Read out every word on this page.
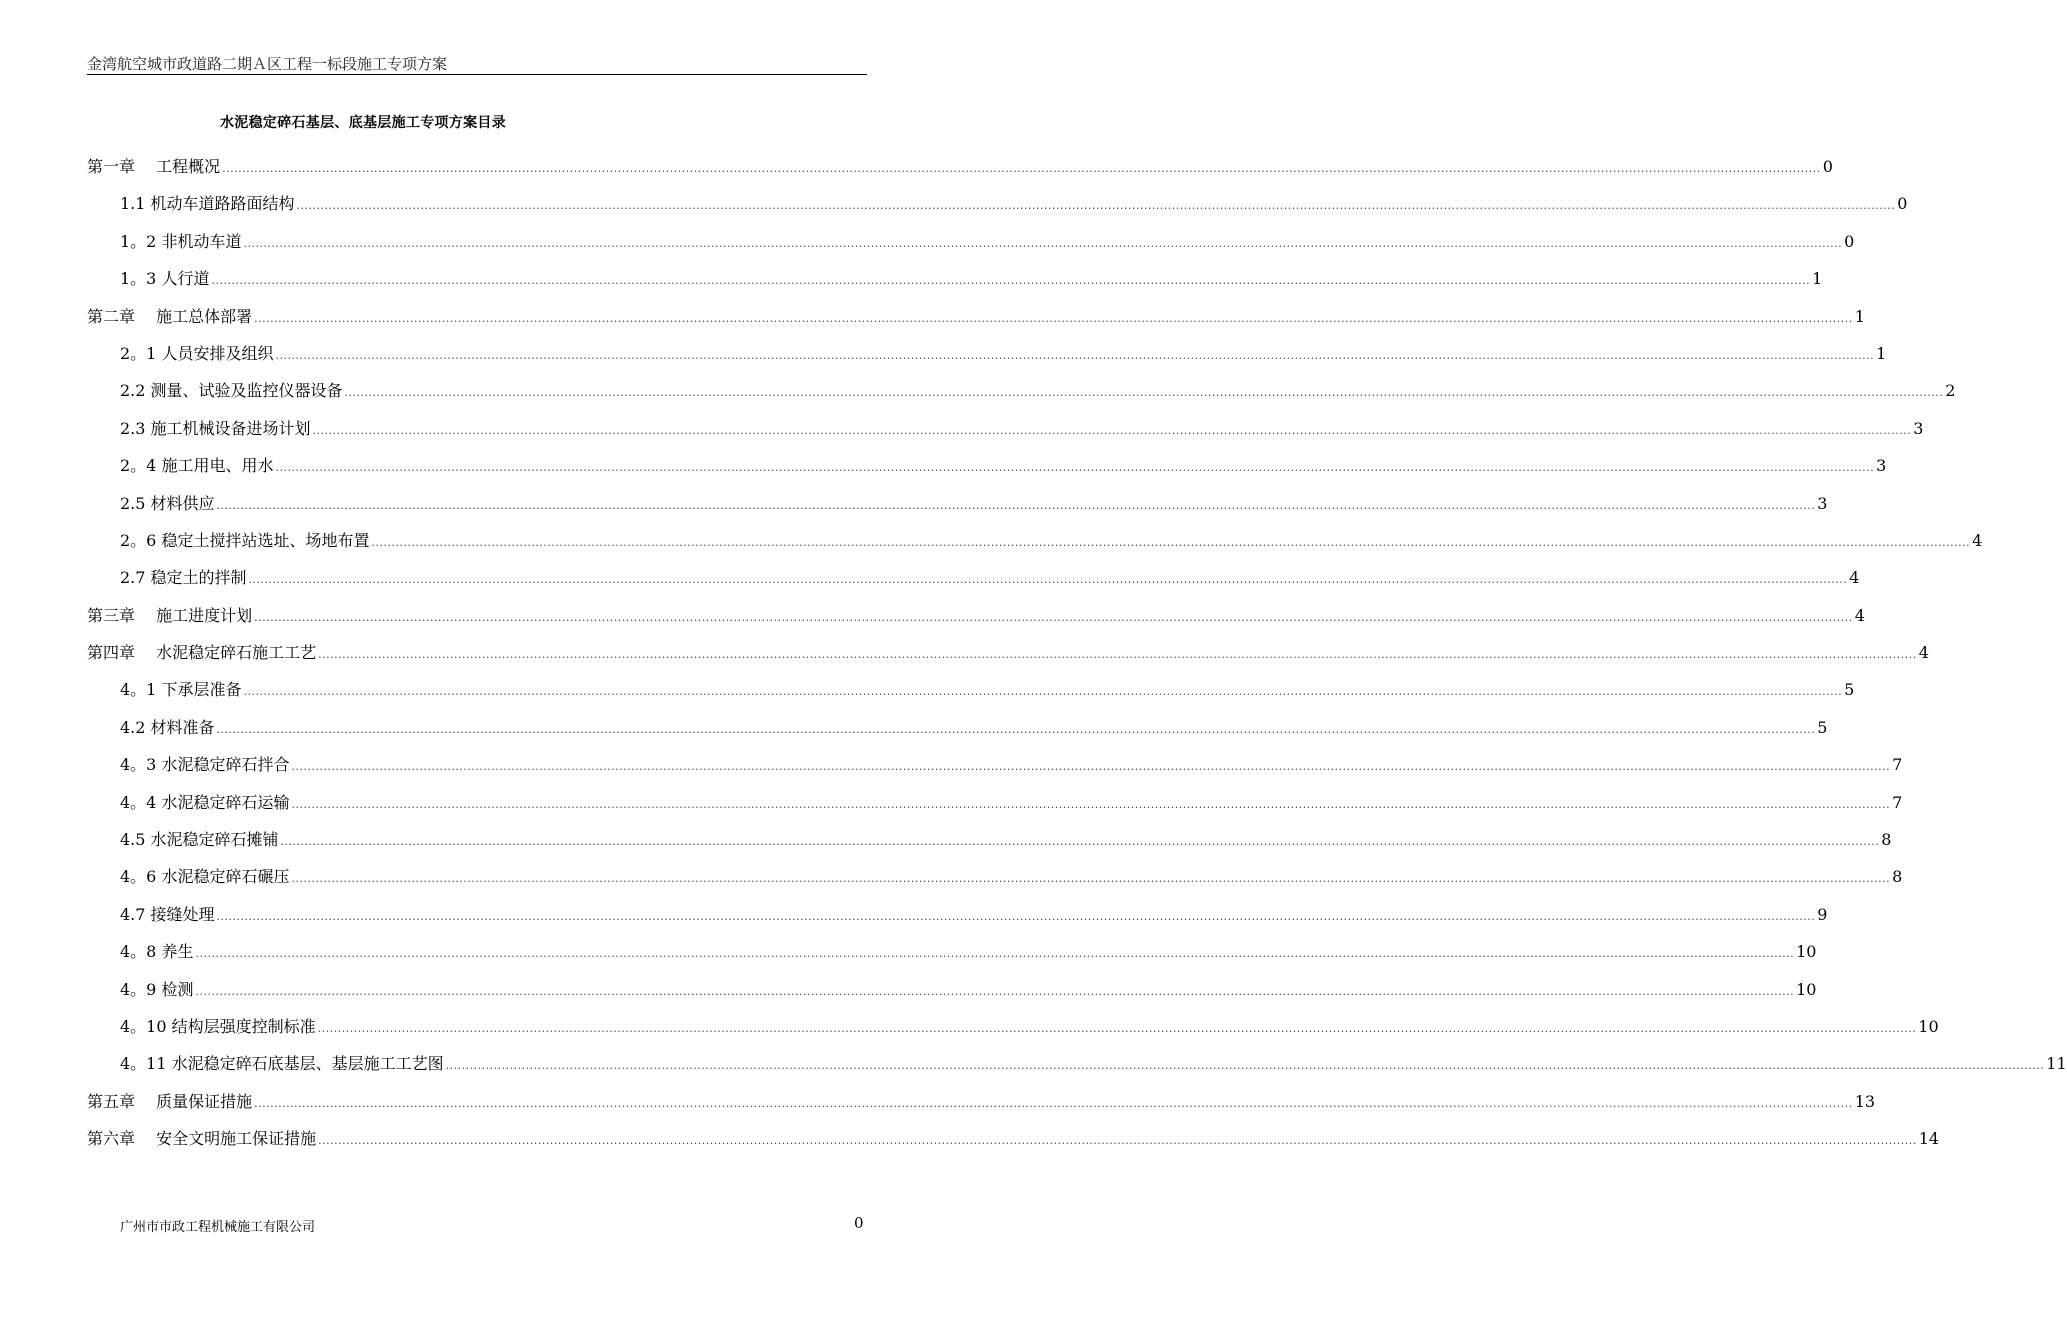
金湾航空城市政道路二期Ａ区工程一标段施工专项方案
水泥稳定碎石基层、底基层施工专项方案目录
第一章　 工程概况 ................................................................................................................................................................................................................................................................................................................................................................................................................ 0
1.1 机动车道路路面结构 ................................................................................................................................................................................................................................................................................................................................................................................................................ 0
1。2 非机动车道 ................................................................................................................................................................................................................................................................................................................................................................................................................ 0
1。3 人行道 ................................................................................................................................................................................................................................................................................................................................................................................................................ 1
第二章　 施工总体部署 ................................................................................................................................................................................................................................................................................................................................................................................................................ 1
2。1 人员安排及组织 ................................................................................................................................................................................................................................................................................................................................................................................................................ 1
2.2 测量、试验及监控仪器设备 ................................................................................................................................................................................................................................................................................................................................................................................................................ 2
2.3 施工机械设备进场计划 ................................................................................................................................................................................................................................................................................................................................................................................................................ 3
2。4 施工用电、用水 ................................................................................................................................................................................................................................................................................................................................................................................................................ 3
2.5 材料供应 ................................................................................................................................................................................................................................................................................................................................................................................................................ 3
2。6 稳定土搅拌站选址、场地布置 ................................................................................................................................................................................................................................................................................................................................................................................................................ 4
2.7 稳定土的拌制 ................................................................................................................................................................................................................................................................................................................................................................................................................ 4
第三章　 施工进度计划 ................................................................................................................................................................................................................................................................................................................................................................................................................ 4
第四章　 水泥稳定碎石施工工艺 ................................................................................................................................................................................................................................................................................................................................................................................................................ 4
4。1 下承层准备 ................................................................................................................................................................................................................................................................................................................................................................................................................ 5
4.2 材料准备 ................................................................................................................................................................................................................................................................................................................................................................................................................ 5
4。3 水泥稳定碎石拌合 ................................................................................................................................................................................................................................................................................................................................................................................................................ 7
4。4 水泥稳定碎石运输 ................................................................................................................................................................................................................................................................................................................................................................................................................ 7
4.5 水泥稳定碎石摊铺 ................................................................................................................................................................................................................................................................................................................................................................................................................ 8
4。6 水泥稳定碎石碾压 ................................................................................................................................................................................................................................................................................................................................................................................................................ 8
4.7 接缝处理 ................................................................................................................................................................................................................................................................................................................................................................................................................ 9
4。8 养生 ................................................................................................................................................................................................................................................................................................................................................................................................................ 10
4。9 检测 ................................................................................................................................................................................................................................................................................................................................................................................................................ 10
4。10 结构层强度控制标准 ................................................................................................................................................................................................................................................................................................................................................................................................................ 10
4。11 水泥稳定碎石底基层、基层施工工艺图 ................................................................................................................................................................................................................................................................................................................................................................................................................ 11
第五章　 质量保证措施 ................................................................................................................................................................................................................................................................................................................................................................................................................ 13
第六章　 安全文明施工保证措施 ................................................................................................................................................................................................................................................................................................................................................................................................................ 14
广州市市政工程机械施工有限公司	0
